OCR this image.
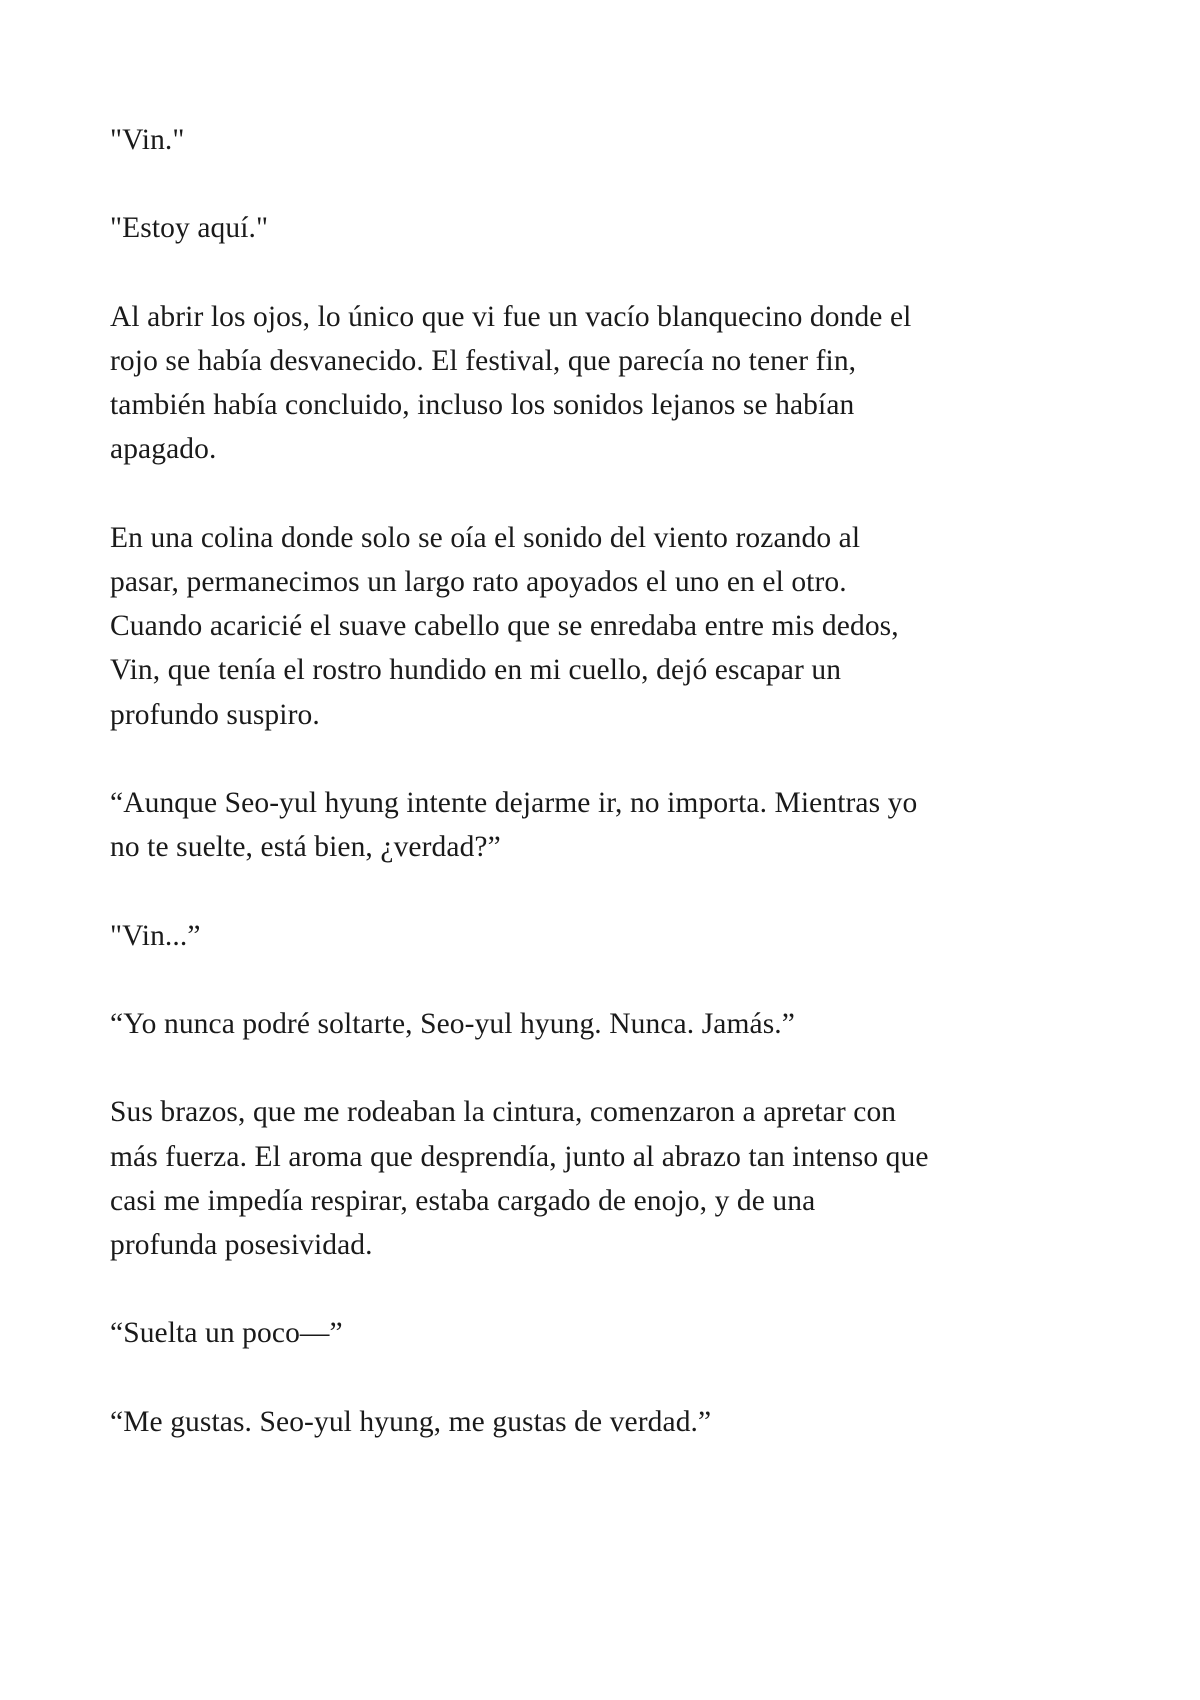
"Vin."

"Estoy aquí."

Al abrir los ojos, lo único que vi fue un vacío blanquecino donde el
rojo se había desvanecido. El festival, que parecía no tener fin,
también había concluido, incluso los sonidos lejanos se habían
apagado.

En una colina donde solo se oía el sonido del viento rozando al
pasar, permanecimos un largo rato apoyados el uno en el otro.
Cuando acaricié el suave cabello que se enredaba entre mis dedos,
Vin, que tenía el rostro hundido en mi cuello, dejó escapar un
profundo suspiro.

“Aunque Seo-yul hyung intente dejarme ir, no importa. Mientras yo
no te suelte, está bien, ¿verdad?”

"Vin...”

“Yo nunca podré soltarte, Seo-yul hyung. Nunca. Jamás.”

Sus brazos, que me rodeaban la cintura, comenzaron a apretar con
más fuerza. El aroma que desprendía, junto al abrazo tan intenso que
casi me impedía respirar, estaba cargado de enojo, y de una
profunda posesividad.

“Suelta un poco—”

“Me gustas. Seo-yul hyung, me gustas de verdad.”
